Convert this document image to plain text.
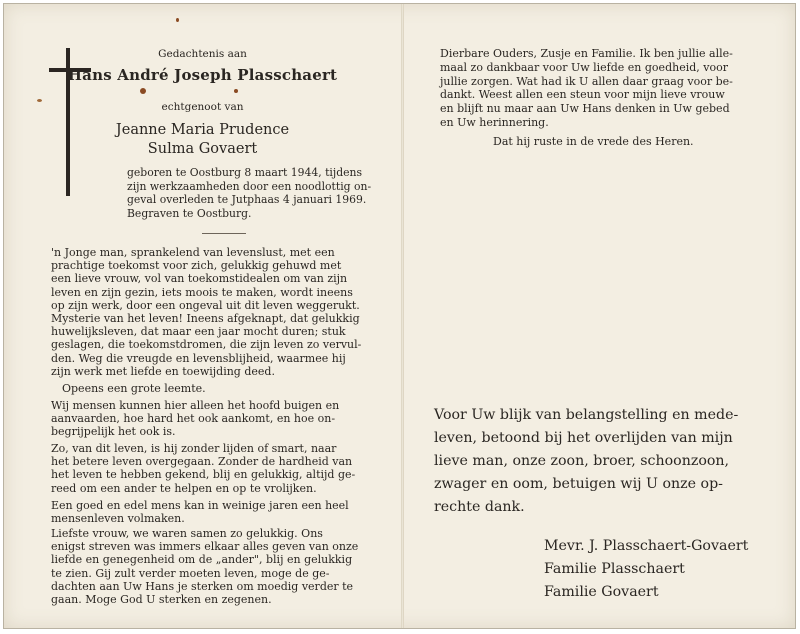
Gedachtenis aan

Hans André Joseph Plasschaert

echtgenoot van

Jeanne Maria Prudence

Sulma Govaert

geboren te Oostburg 8 maart 1944, tijdens
zijn werkzaamheden door een noodlottig on-
geval overleden te Jutphaas 4 januari 1969.
Begraven te Oostburg.

'n Jonge man, sprankelend van levenslust, met een
prachtige toekomst voor zich, gelukkig gehuwd met
een lieve vrouw, vol van toekomstidealen om van zijn
leven en zijn gezin, iets moois te maken, wordt ineens
op zijn werk, door een ongeval uit dit leven weggerukt.
Mysterie van het leven! Ineens afgeknapt, dat gelukkig
huwelijksleven, dat maar een jaar mocht duren; stuk
geslagen, die toekomstdromen, die zijn leven zo vervul-
den. Weg die vreugde en levensblijheid, waarmee hij
zijn werk met liefde en toewijding deed.

Opeens een grote leemte.

Wij mensen kunnen hier alleen het hoofd buigen en
aanvaarden, hoe hard het ook aankomt, en hoe on-
begrijpelijk het ook is.

Zo, van dit leven, is hij zonder lijden of smart, naar
het betere leven overgegaan. Zonder de hardheid van
het leven te hebben gekend, blij en gelukkig, altijd ge-
reed om een ander te helpen en op te vrolijken.

Een goed en edel mens kan in weinige jaren een heel
mensenleven volmaken.

Liefste vrouw, we waren samen zo gelukkig. Ons
enigst streven was immers elkaar alles geven van onze
liefde en genegenheid om de „ander", blij en gelukkig
te zien. Gij zult verder moeten leven, moge de ge-
dachten aan Uw Hans je sterken om moedig verder te
gaan. Moge God U sterken en zegenen.

Dierbare Ouders, Zusje en Familie. Ik ben jullie alle-
maal zo dankbaar voor Uw liefde en goedheid, voor
jullie zorgen. Wat had ik U allen daar graag voor be-
dankt. Weest allen een steun voor mijn lieve vrouw
en blijft nu maar aan Uw Hans denken in Uw gebed
en Uw herinnering.

Dat hij ruste in de vrede des Heren.

Voor Uw blijk van belangstelling en mede-
leven, betoond bij het overlijden van mijn
lieve man, onze zoon, broer, schoonzoon,
zwager en oom, betuigen wij U onze op-
rechte dank.

Mevr. J. Plasschaert-Govaert
Familie Plasschaert
Familie Govaert
